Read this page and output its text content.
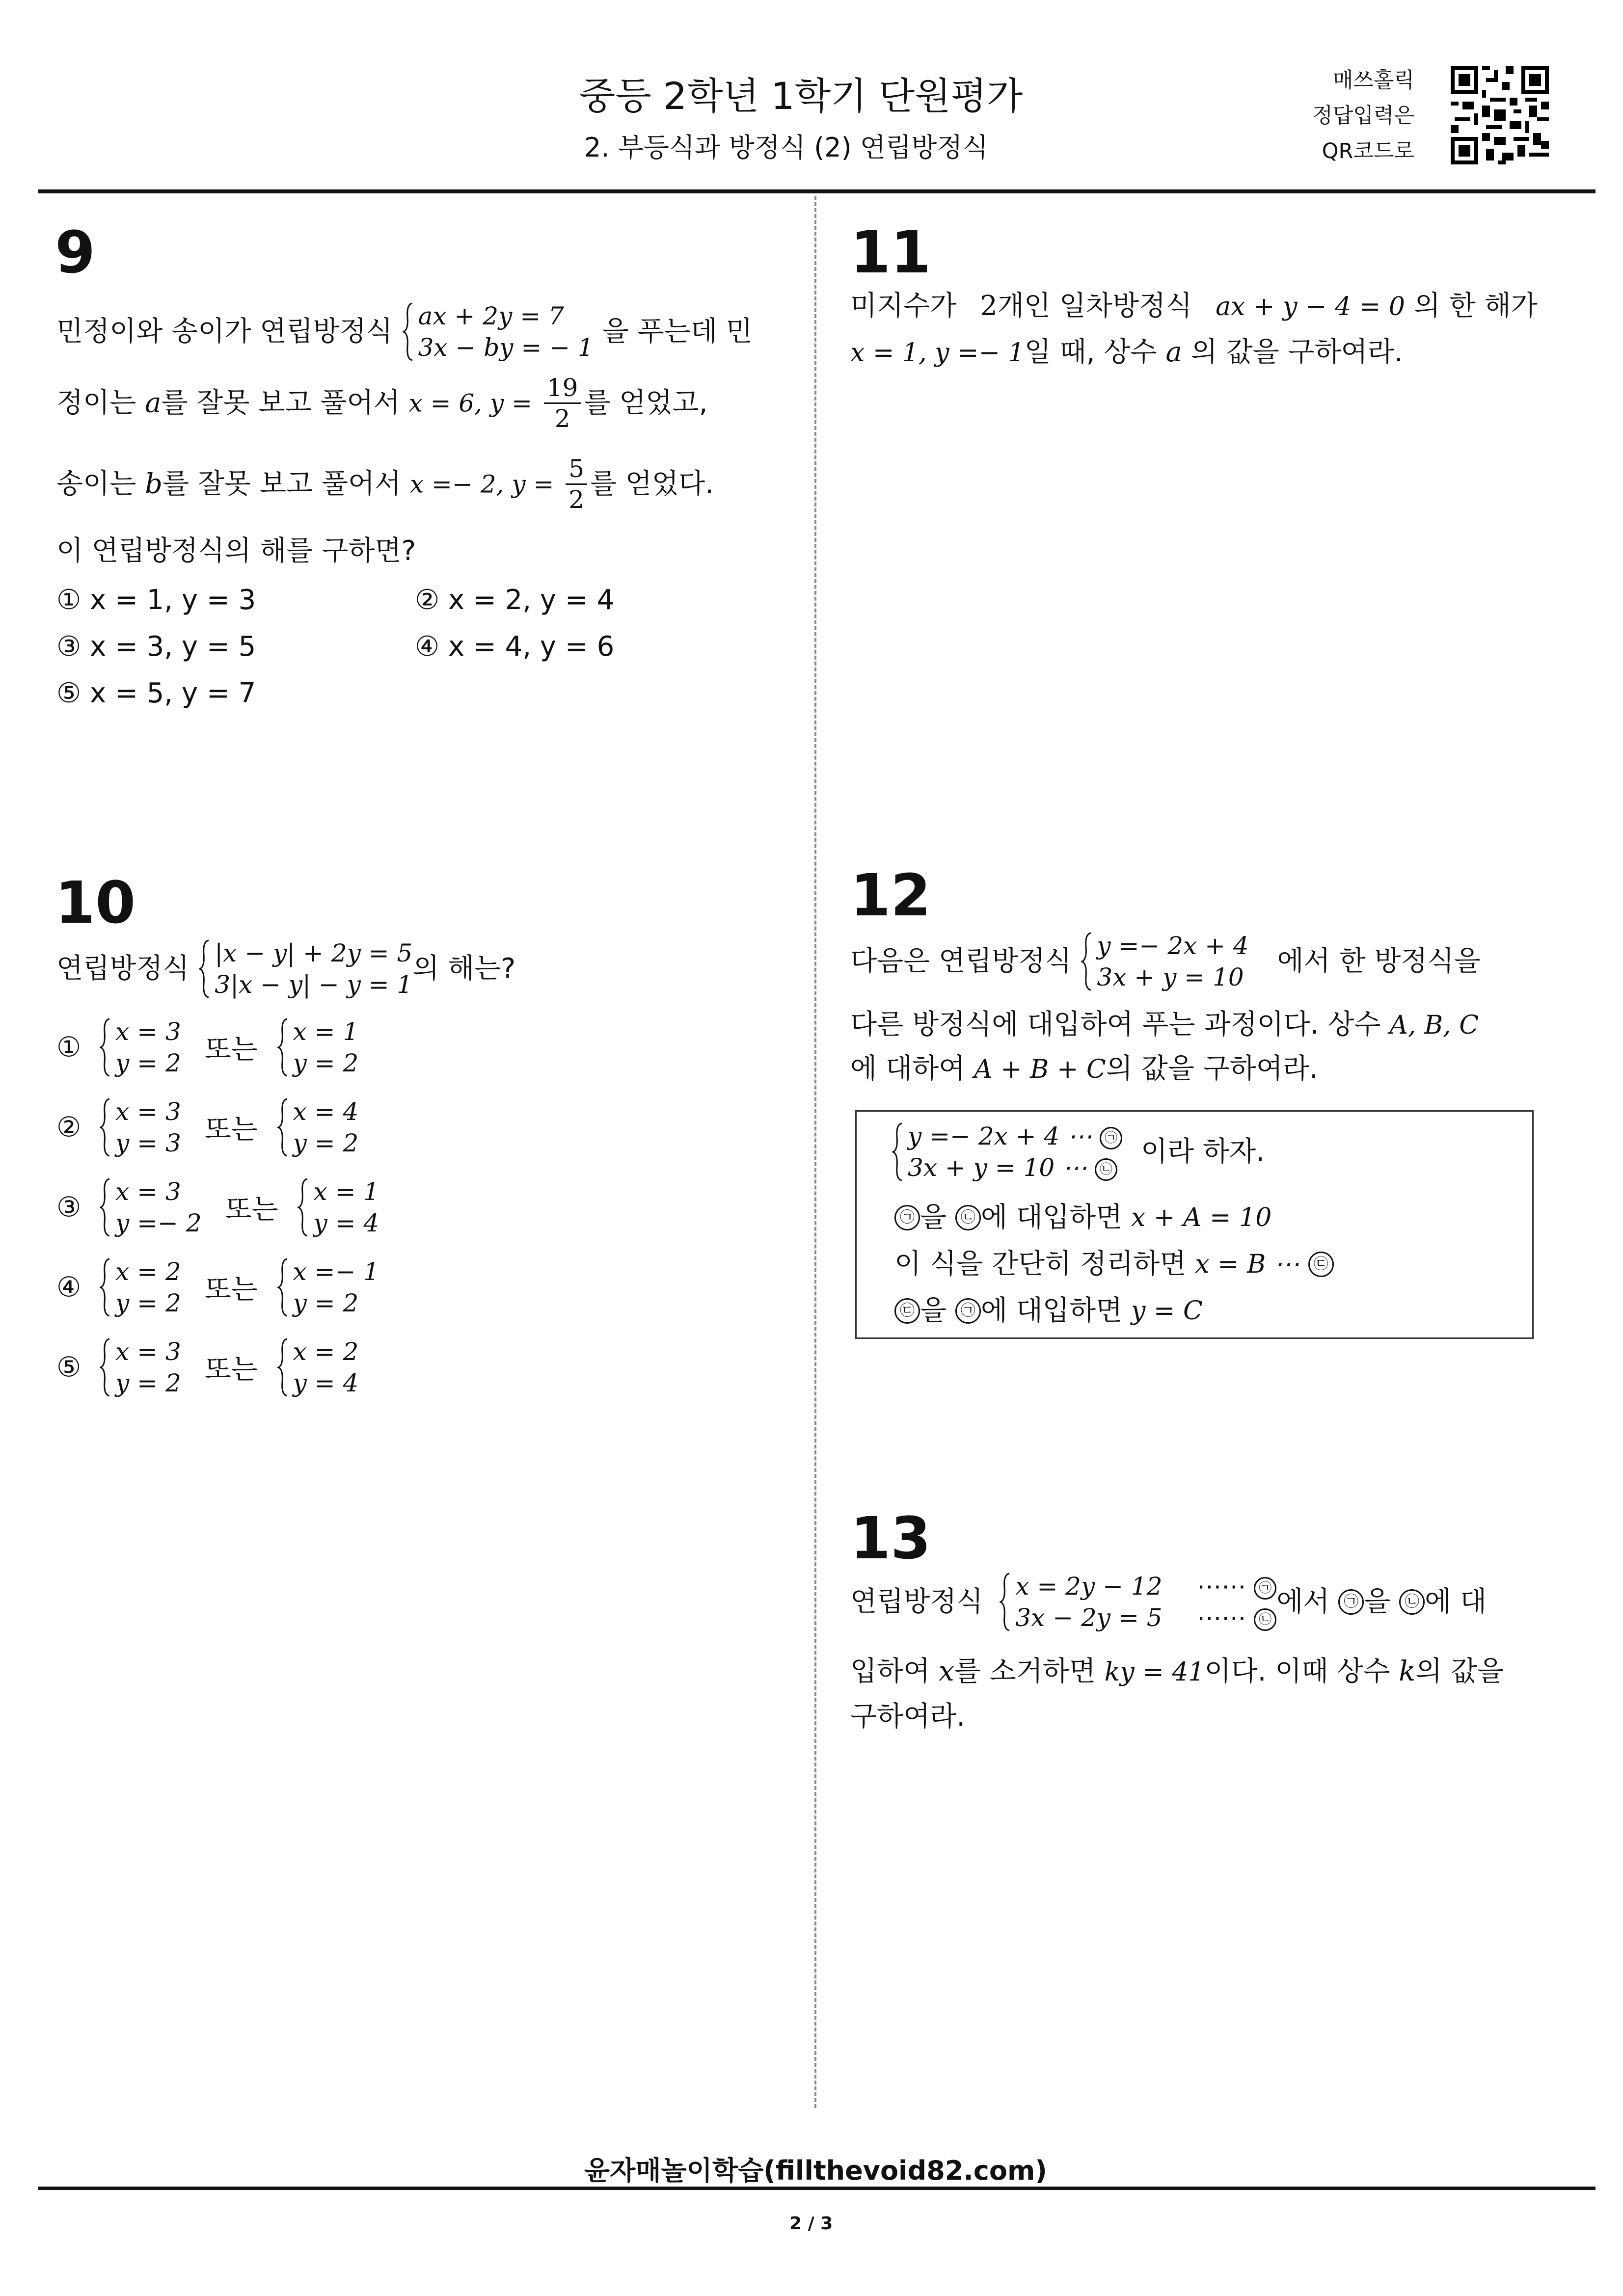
중등 2학년 1학기 단원평가
2. 부등식과 방정식 (2) 연립방정식
매쓰홀릭
정답입력은
QR코드로
9
민정이와 송이가 연립방정식 ax + 2y = 7
3x − by = − 1 을 푸는데 민
정이는 a를 잘못 보고 풀어서 x = 6, $y = \frac{19}{2}$ 를 얻었고,
송이는 b를 잘못 보고 풀어서 x =− 2, $y = \frac{5}{2}$ 를 얻었다.
이 연립방정식의 해를 구하면?
① x = 1, y = 3	② x = 2, y = 4
③ x = 3, y = 5	④ x = 4, y = 6
⑤ x = 5, y = 7
10
연립방정식 |x − y| + 2y = 5
3|x − y| − y = 1 의 해는?
① x = 3
y = 2 또는
x = 1
y = 2
② x = 3
y = 3 또는
x = 4
y = 2
③ x = 3
y =− 2 또는
x = 1
y = 4
④ x = 2
y = 2 또는
x =− 1
y = 2
⑤ x = 3
y = 2 또는
x = 2
y = 4
11
미지수가 2개인 일차방정식 ax + y − 4 = 0 의 한 해가
x = 1, y =− 1일 때, 상수 a 의 값을 구하여라.
12
다음은 연립방정식 y =− 2x + 4
3x + y = 10 에서 한 방정식을
다른 방정식에 대입하여 푸는 과정이다. 상수 A, B, C
에 대하여 A + B + C의 값을 구하여라.
y =− 2x + 4 ⋯ ㉠
3x + y = 10 ⋯ ㉡
이라 하자.
㉠ 을 ㉡ 에 대입하면 x + A = 10
이 식을 간단히 정리하면 x = B ⋯ ㉢
㉢ 을 ㉠ 에 대입하면 y = C
13
연립방정식 x = 2y − 12 ⋯⋯ ㉠
3x − 2y = 5 ⋯⋯ ㉡
에서 ㉠ 을 ㉡ 에 대
입하여 x를 소거하면 ky = 41이다. 이때 상수 k의 값을
구하여라.
윤자매놀이학습(fillthevoid82.com)
2 / 3
